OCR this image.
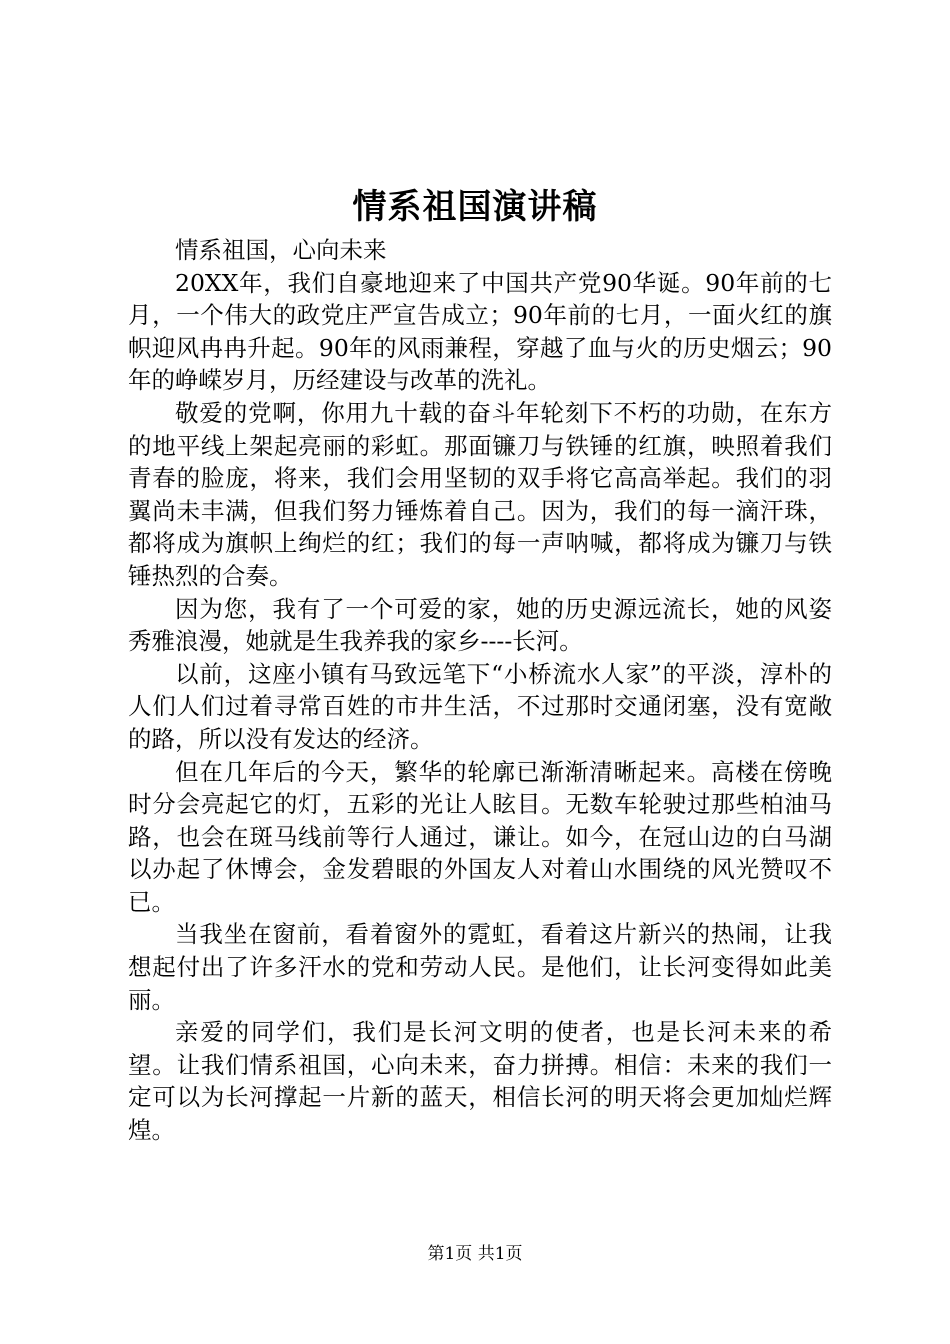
情系祖国演讲稿

情系祖国，心向未来

20XX年，我们自豪地迎来了中国共产党90华诞。90年前的七月，一个伟大的政党庄严宣告成立；90年前的七月，一面火红的旗帜迎风冉冉升起。90年的风雨兼程，穿越了血与火的历史烟云；90年的峥嵘岁月，历经建设与改革的洗礼。

敬爱的党啊，你用九十载的奋斗年轮刻下不朽的功勋，在东方的地平线上架起亮丽的彩虹。那面镰刀与铁锤的红旗，映照着我们青春的脸庞，将来，我们会用坚韧的双手将它高高举起。我们的羽翼尚未丰满，但我们努力锤炼着自己。因为，我们的每一滴汗珠，都将成为旗帜上绚烂的红；我们的每一声呐喊，都将成为镰刀与铁锤热烈的合奏。

因为您，我有了一个可爱的家，她的历史源远流长，她的风姿秀雅浪漫，她就是生我养我的家乡----长河。

以前，这座小镇有马致远笔下“小桥流水人家”的平淡，淳朴的人们人们过着寻常百姓的市井生活，不过那时交通闭塞，没有宽敞的路，所以没有发达的经济。

但在几年后的今天，繁华的轮廓已渐渐清晰起来。高楼在傍晚时分会亮起它的灯，五彩的光让人眩目。无数车轮驶过那些柏油马路，也会在斑马线前等行人通过，谦让。如今，在冠山边的白马湖以办起了休博会，金发碧眼的外国友人对着山水围绕的风光赞叹不已。

当我坐在窗前，看着窗外的霓虹，看着这片新兴的热闹，让我想起付出了许多汗水的党和劳动人民。是他们，让长河变得如此美丽。

亲爱的同学们，我们是长河文明的使者，也是长河未来的希望。让我们情系祖国，心向未来，奋力拼搏。相信：未来的我们一定可以为长河撑起一片新的蓝天，相信长河的明天将会更加灿烂辉煌。

第1页 共1页
